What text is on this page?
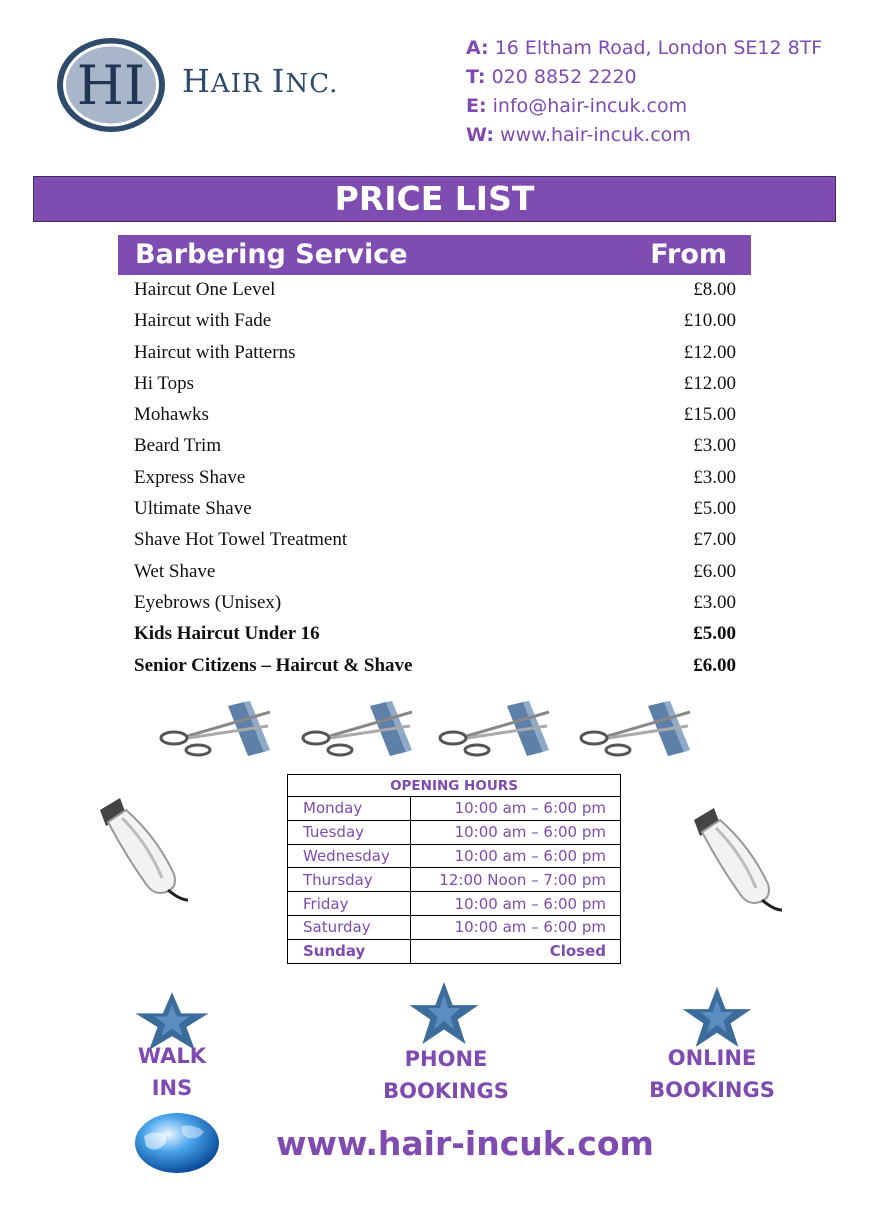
HI HAIR INC.
A: 16 Eltham Road, London SE12 8TF
T: 020 8852 2220
E: info@hair-incuk.com
W: www.hair-incuk.com
PRICE LIST
Barbering Service	From
Haircut One Level	£8.00
Haircut with Fade	£10.00
Haircut with Patterns	£12.00
Hi Tops	£12.00
Mohawks	£15.00
Beard Trim	£3.00
Express Shave	£3.00
Ultimate Shave	£5.00
Shave Hot Towel Treatment	£7.00
Wet Shave	£6.00
Eyebrows (Unisex)	£3.00
Kids Haircut Under 16	£5.00
Senior Citizens – Haircut & Shave	£6.00
OPENING HOURS	
Monday	10:00 am – 6:00 pm
Tuesday	10:00 am – 6:00 pm
Wednesday	10:00 am – 6:00 pm
Thursday	12:00 Noon – 7:00 pm
Friday	10:00 am – 6:00 pm
Saturday	10:00 am – 6:00 pm
Sunday	Closed
WALK
INS
PHONE
BOOKINGS
ONLINE
BOOKINGS
www.hair-incuk.com
